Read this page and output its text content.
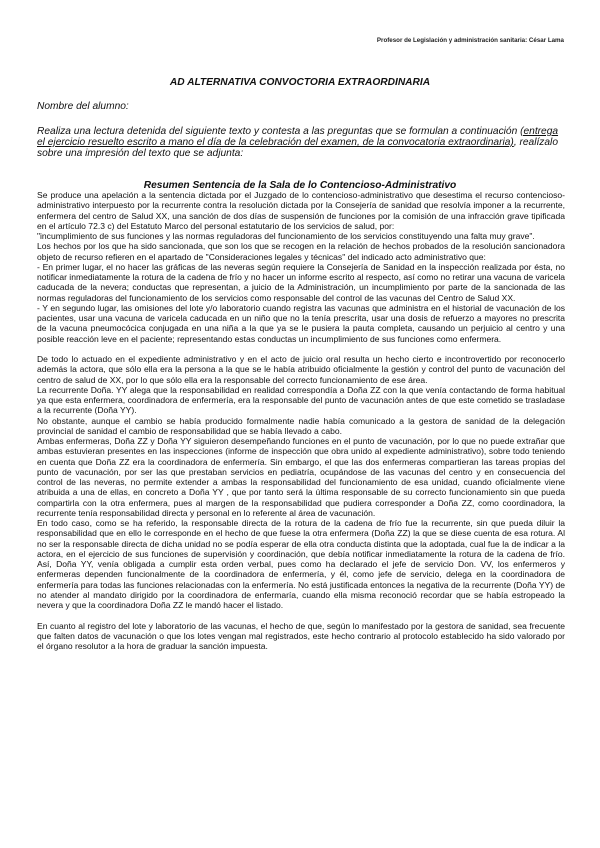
Profesor de Legislación y administración sanitaria: César Lama
AD ALTERNATIVA CONVOCTORIA EXTRAORDINARIA
Nombre del alumno:
Realiza una lectura detenida del siguiente texto y contesta a las preguntas que se formulan a continuación (entrega el ejercicio resuelto escrito a mano el día de la celebración del examen, de la convocatoria extraordinaria), realízalo sobre una impresión del texto que se adjunta:
Resumen Sentencia de la Sala de lo Contencioso-Administrativo

Se produce una apelación a la sentencia dictada por el Juzgado de lo contencioso-administrativo que desestima el recurso contencioso-administrativo interpuesto por la recurrente contra la resolución dictada por la Consejería de sanidad que resolvía imponer a la recurrente, enfermera del centro de Salud XX, una sanción de dos días de suspensión de funciones por la comisión de una infracción grave tipificada en el artículo 72.3 c) del Estatuto Marco del personal estatutario de los servicios de salud, por:

"incumplimiento de sus funciones y las normas reguladoras del funcionamiento de los servicios constituyendo una falta muy grave".

Los hechos por los que ha sido sancionada, que son los que se recogen en la relación de hechos probados de la resolución sancionadora objeto de recurso refieren en el apartado de "Consideraciones legales y técnicas" del indicado acto administrativo que:

- En primer lugar, el no hacer las gráficas de las neveras según requiere la Consejería de Sanidad en la inspección realizada por ésta, no notificar inmediatamente la rotura de la cadena de frío y no hacer un informe escrito al respecto, así como no retirar una vacuna de varicela caducada de la nevera; conductas que representan, a juicio de la Administración, un incumplimiento por parte de la sancionada de las normas reguladoras del funcionamiento de los servicios como responsable del control de las vacunas del Centro de Salud XX.

- Y en segundo lugar, las omisiones del lote y/o laboratorio cuando registra las vacunas que administra en el historial de vacunación de los pacientes, usar una vacuna de varicela caducada en un niño que no la tenía prescrita, usar una dosis de refuerzo a mayores no prescrita de la vacuna pneumocócica conjugada en una niña a la que ya se le pusiera la pauta completa, causando un perjuicio al centro y una posible reacción leve en el paciente; representando estas conductas un incumplimiento de sus funciones como enfermera.

De todo lo actuado en el expediente administrativo y en el acto de juicio oral resulta un hecho cierto e incontrovertido por reconocerlo además la actora, que sólo ella era la persona a la que se le había atribuido oficialmente la gestión y control del punto de vacunación del centro de salud de XX, por lo que sólo ella era la responsable del correcto funcionamiento de ese área.

La recurrente Doña. YY alega que la responsabilidad en realidad correspondía a Doña ZZ con la que venía contactando de forma habitual ya que esta enfermera, coordinadora de enfermería, era la responsable del punto de vacunación antes de que este cometido se trasladase a la recurrente (Doña YY).

No obstante, aunque el cambio se había producido formalmente nadie había comunicado a la gestora de sanidad de la delegación provincial de sanidad el cambio de responsabilidad que se había llevado a cabo.

Ambas enfermeras, Doña ZZ y Doña YY siguieron desempeñando funciones en el punto de vacunación, por lo que no puede extrañar que ambas estuvieran presentes en las inspecciones (informe de inspección que obra unido al expediente administrativo), sobre todo teniendo en cuenta que Doña ZZ era la coordinadora de enfermería. Sin embargo, el que las dos enfermeras compartieran las tareas propias del punto de vacunación, por ser las que prestaban servicios en pediatría, ocupándose de las vacunas del centro y en consecuencia del control de las neveras, no permite extender a ambas la responsabilidad del funcionamiento de esa unidad, cuando oficialmente viene atribuida a una de ellas, en concreto a Doña YY , que por tanto será la última responsable de su correcto funcionamiento sin que pueda compartirla con la otra enfermera, pues al margen de la responsabilidad que pudiera corresponder a Doña ZZ, como coordinadora, la recurrente tenía responsabilidad directa y personal en lo referente al área de vacunación.

En todo caso, como se ha referido, la responsable directa de la rotura de la cadena de frío fue la recurrente, sin que pueda diluir la responsabilidad que en ello le corresponde en el hecho de que fuese la otra enfermera (Doña ZZ) la que se diese cuenta de esa rotura. Al no ser la responsable directa de dicha unidad no se podía esperar de ella otra conducta distinta que la adoptada, cual fue la de indicar a la actora, en el ejercicio de sus funciones de supervisión y coordinación, que debía notificar inmediatamente la rotura de la cadena de frío. Así, Doña YY, venía obligada a cumplir esta orden verbal, pues como ha declarado el jefe de servicio Don. VV, los enfermeros y enfermeras dependen funcionalmente de la coordinadora de enfermería, y él, como jefe de servicio, delega en la coordinadora de enfermería para todas las funciones relacionadas con la enfermería. No está justificada entonces la negativa de la recurrente (Doña YY) de no atender al mandato dirigido por la coordinadora de enfermaría, cuando ella misma reconoció recordar que se había estropeado la nevera y que la coordinadora Doña ZZ le mandó hacer el listado.

En cuanto al registro del lote y laboratorio de las vacunas, el hecho de que, según lo manifestado por la gestora de sanidad, sea frecuente que falten datos de vacunación o que los lotes vengan mal registrados, este hecho contrario al protocolo establecido ha sido valorado por el órgano resolutor a la hora de graduar la sanción impuesta.
